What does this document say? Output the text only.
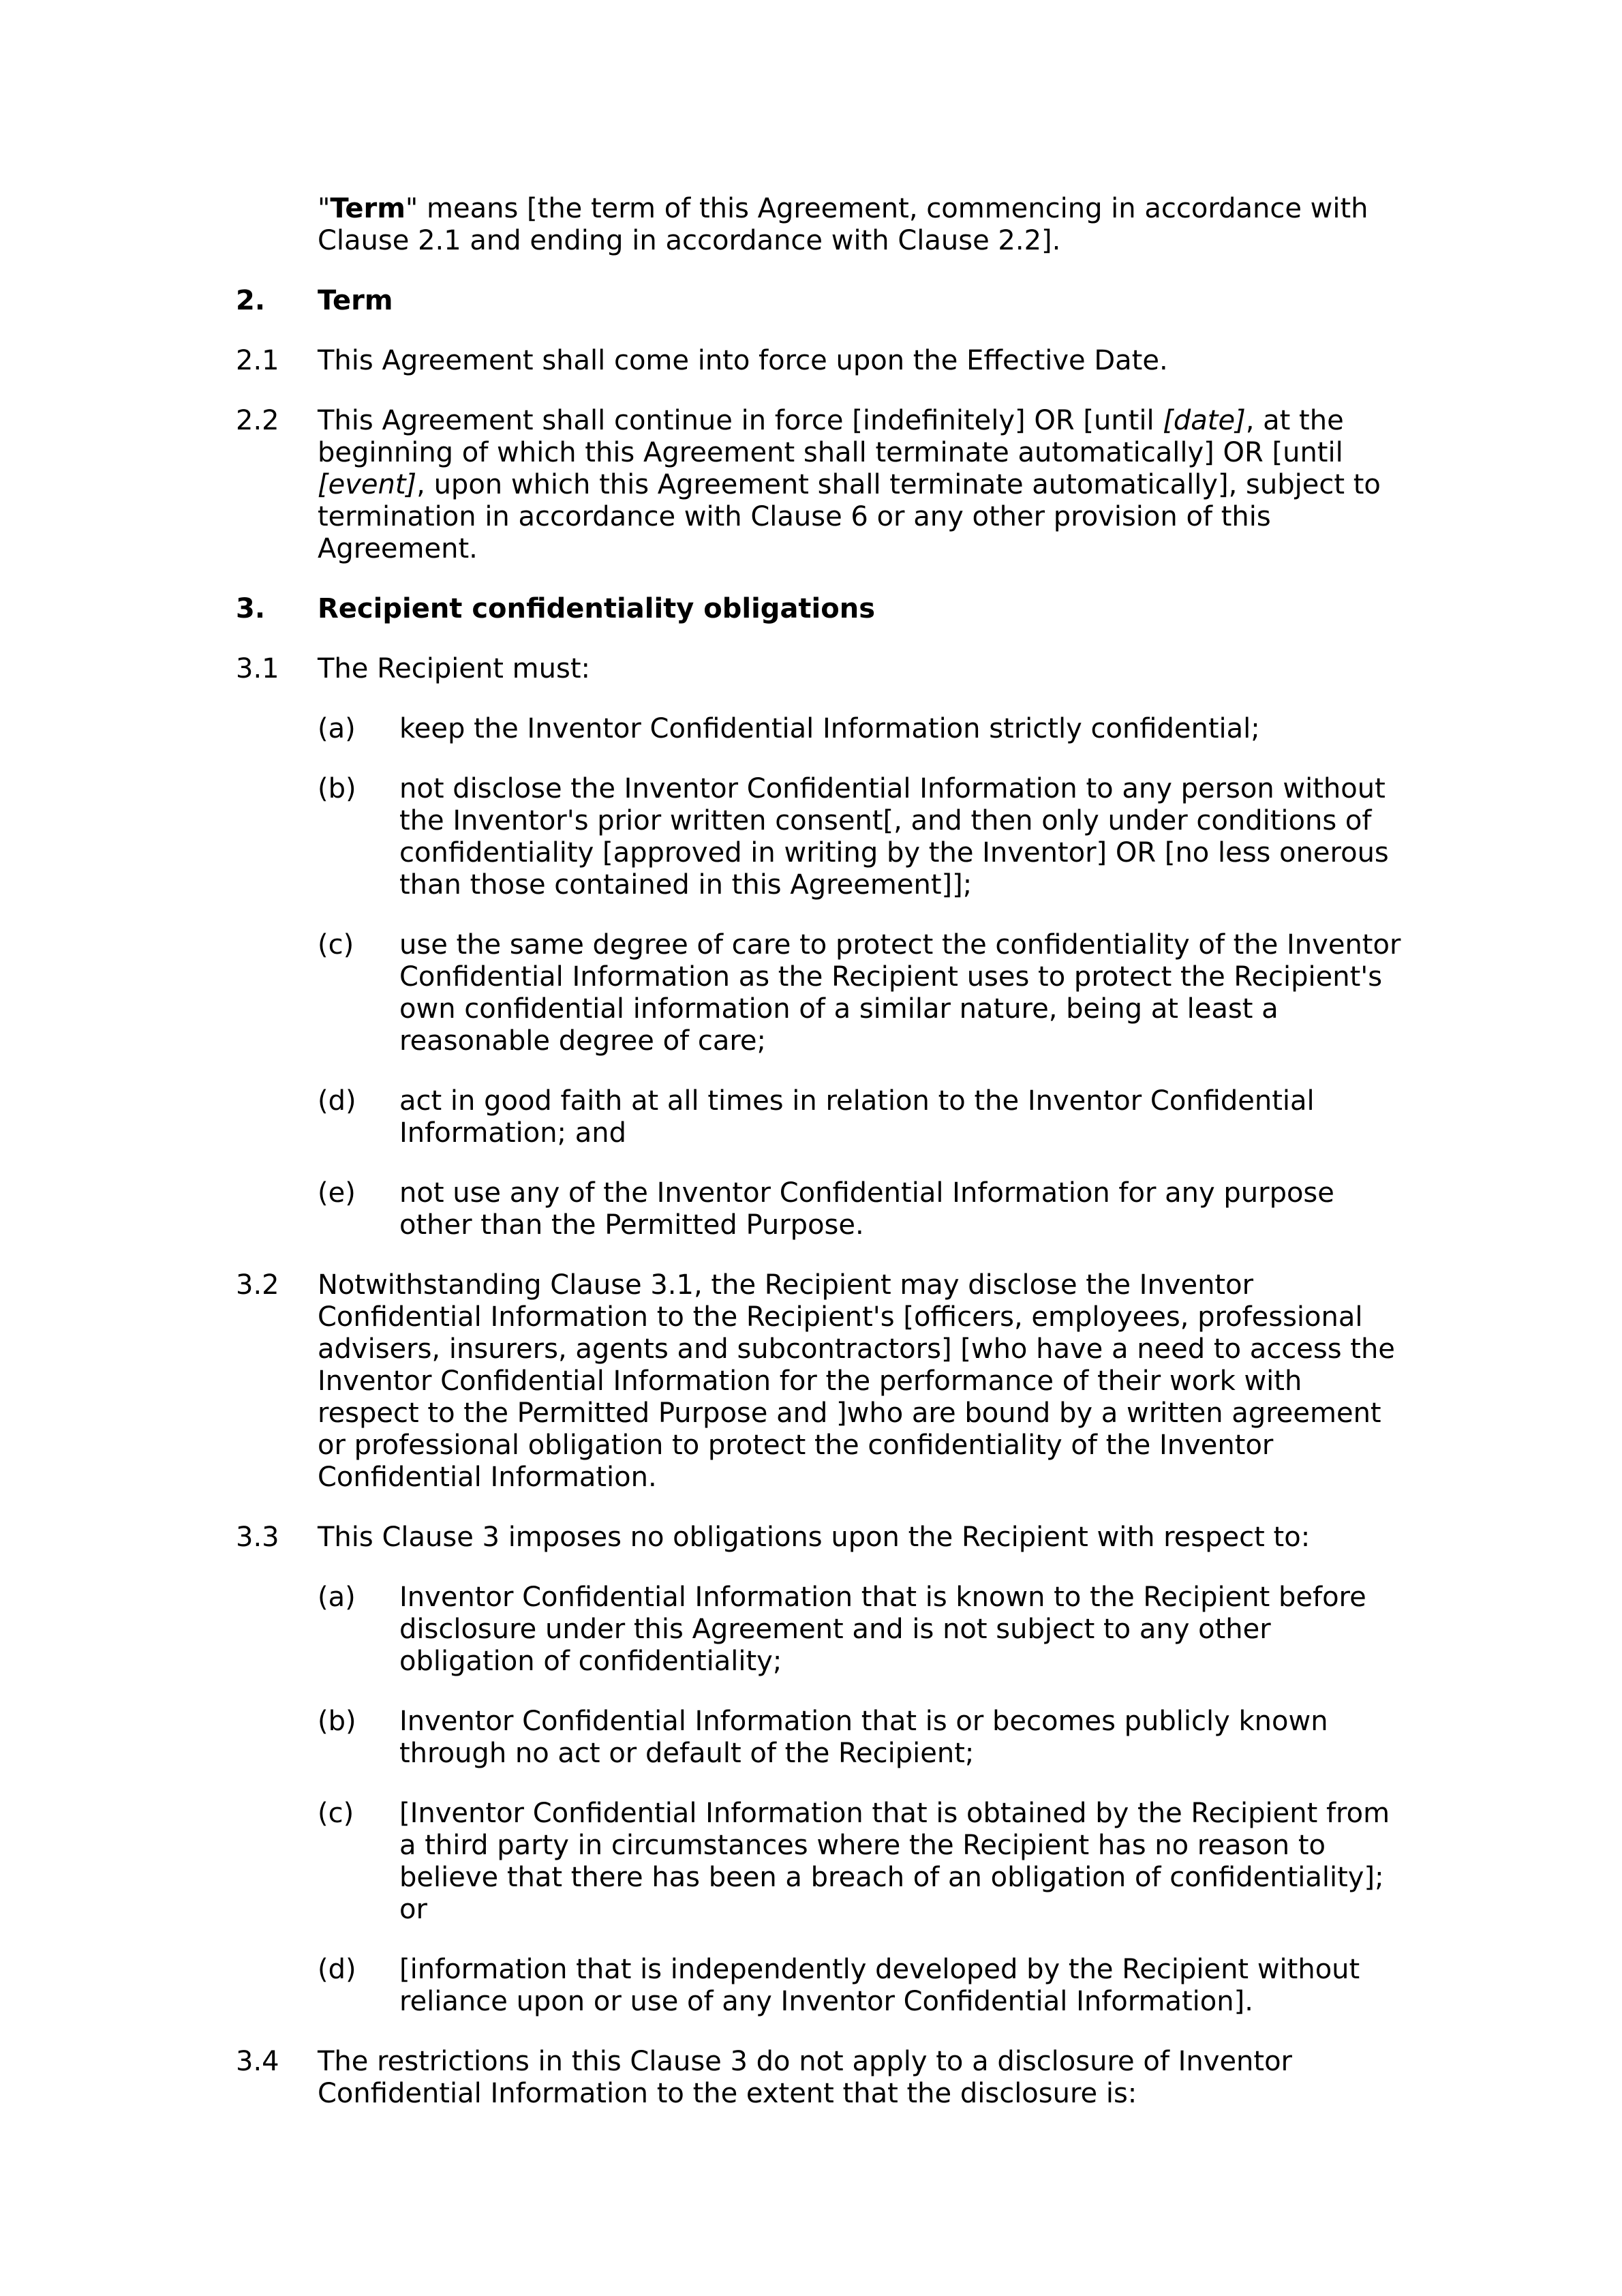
"Term" means [the term of this Agreement, commencing in accordance with Clause 2.1 and ending in accordance with Clause 2.2].
2. Term
2.1 This Agreement shall come into force upon the Effective Date.
2.2 This Agreement shall continue in force [indefinitely] OR [until [date], at the beginning of which this Agreement shall terminate automatically] OR [until [event], upon which this Agreement shall terminate automatically], subject to termination in accordance with Clause 6 or any other provision of this Agreement.
3. Recipient confidentiality obligations
3.1 The Recipient must:
(a) keep the Inventor Confidential Information strictly confidential;
(b) not disclose the Inventor Confidential Information to any person without the Inventor's prior written consent[, and then only under conditions of confidentiality [approved in writing by the Inventor] OR [no less onerous than those contained in this Agreement]];
(c) use the same degree of care to protect the confidentiality of the Inventor Confidential Information as the Recipient uses to protect the Recipient's own confidential information of a similar nature, being at least a reasonable degree of care;
(d) act in good faith at all times in relation to the Inventor Confidential Information; and
(e) not use any of the Inventor Confidential Information for any purpose other than the Permitted Purpose.
3.2 Notwithstanding Clause 3.1, the Recipient may disclose the Inventor Confidential Information to the Recipient's [officers, employees, professional advisers, insurers, agents and subcontractors] [who have a need to access the Inventor Confidential Information for the performance of their work with respect to the Permitted Purpose and ]who are bound by a written agreement or professional obligation to protect the confidentiality of the Inventor Confidential Information.
3.3 This Clause 3 imposes no obligations upon the Recipient with respect to:
(a) Inventor Confidential Information that is known to the Recipient before disclosure under this Agreement and is not subject to any other obligation of confidentiality;
(b) Inventor Confidential Information that is or becomes publicly known through no act or default of the Recipient;
(c) [Inventor Confidential Information that is obtained by the Recipient from a third party in circumstances where the Recipient has no reason to believe that there has been a breach of an obligation of confidentiality]; or
(d) [information that is independently developed by the Recipient without reliance upon or use of any Inventor Confidential Information].
3.4 The restrictions in this Clause 3 do not apply to a disclosure of Inventor Confidential Information to the extent that the disclosure is:
